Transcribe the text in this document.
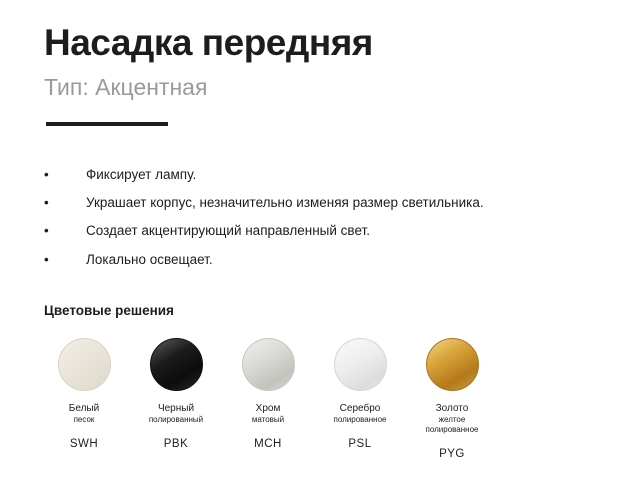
Насадка передняя
Тип: Акцентная
•	Фиксирует лампу.
•	Украшает корпус, незначительно изменяя размер светильника.
•	Создает акцентирующий направленный свет.
•	Локально освещает.
Цветовые решения
Белый
песок
SWH
Черный
полированный
PBK
Хром
матовый
MCH
Серебро
полированное
PSL
Золото
желтое полированное
PYG
